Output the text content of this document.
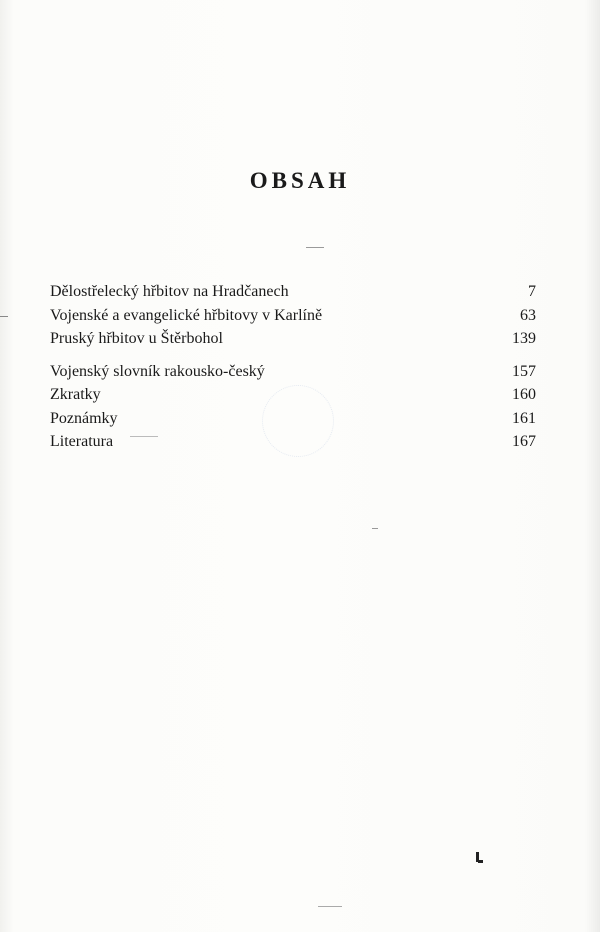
OBSAH
Dělostřelecký hřbitov na Hradčanech	7
Vojenské a evangelické hřbitovy v Karlíně	63
Pruský hřbitov u Štěrbohol	139
Vojenský slovník rakousko-český	157
Zkratky	160
Poznámky	161
Literatura	167
